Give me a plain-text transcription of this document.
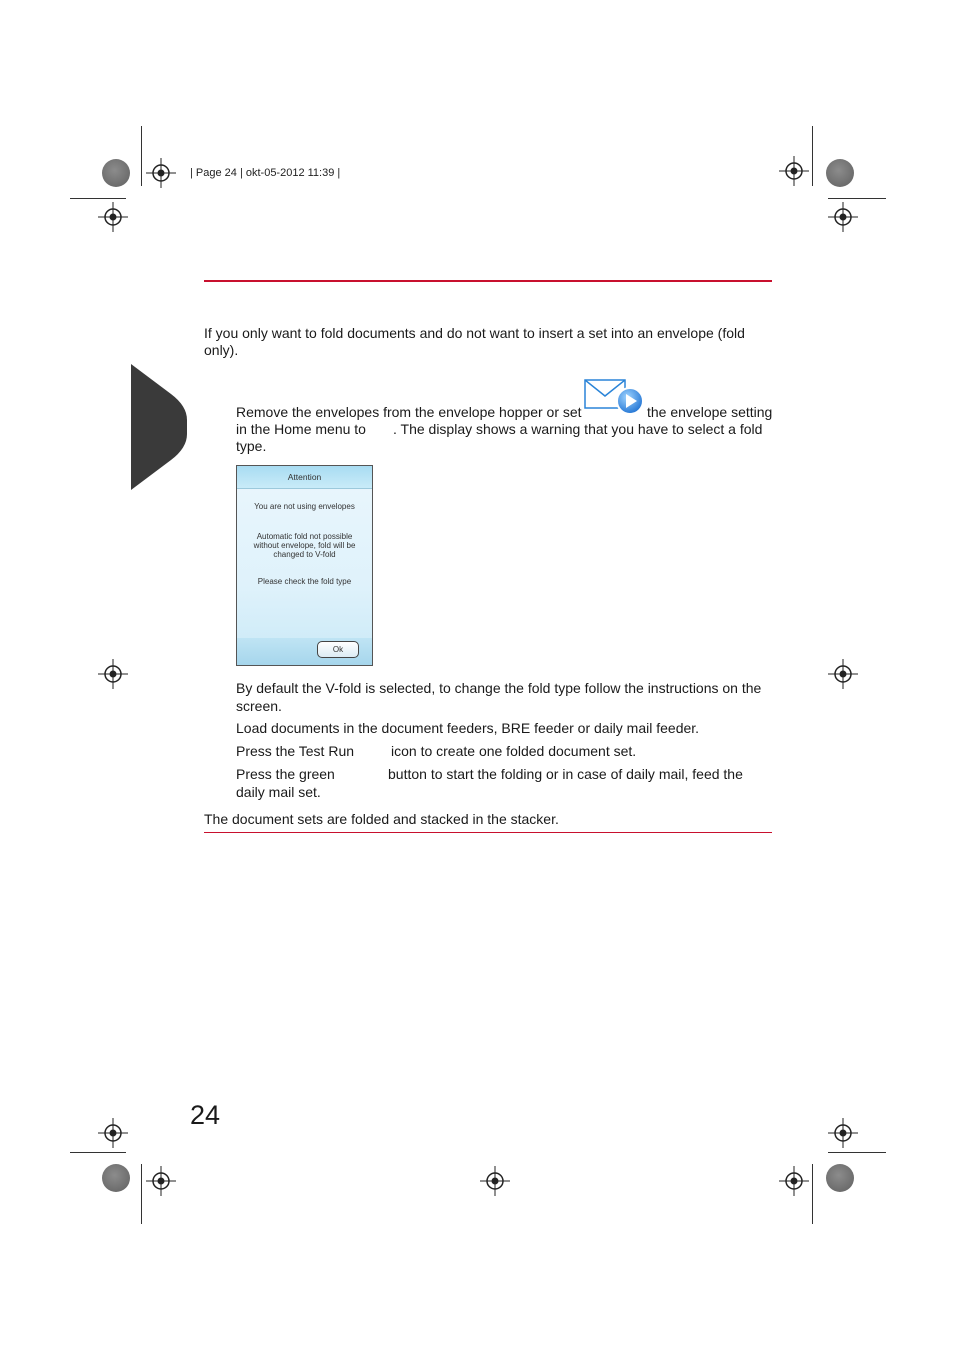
| Page 24 | okt-05-2012 11:39 |
If you only want to fold documents and do not want to insert a set into an envelope (fold
only).
Remove the envelopes from the envelope hopper or set	the envelope setting
in the Home menu to . The display shows a warning that you have to select a fold
type.
Attention
You are not using envelopes
Automatic fold not possible
without envelope, fold will be
changed to V-fold
Please check the fold type
Ok
By default the V-fold is selected, to change the fold type follow the instructions on the
screen.
Load documents in the document feeders, BRE feeder or daily mail feeder.
Press the Test Run	icon to create one folded document set.
Press the green	button to start the folding or in case of daily mail, feed the
daily mail set.
The document sets are folded and stacked in the stacker.
24
